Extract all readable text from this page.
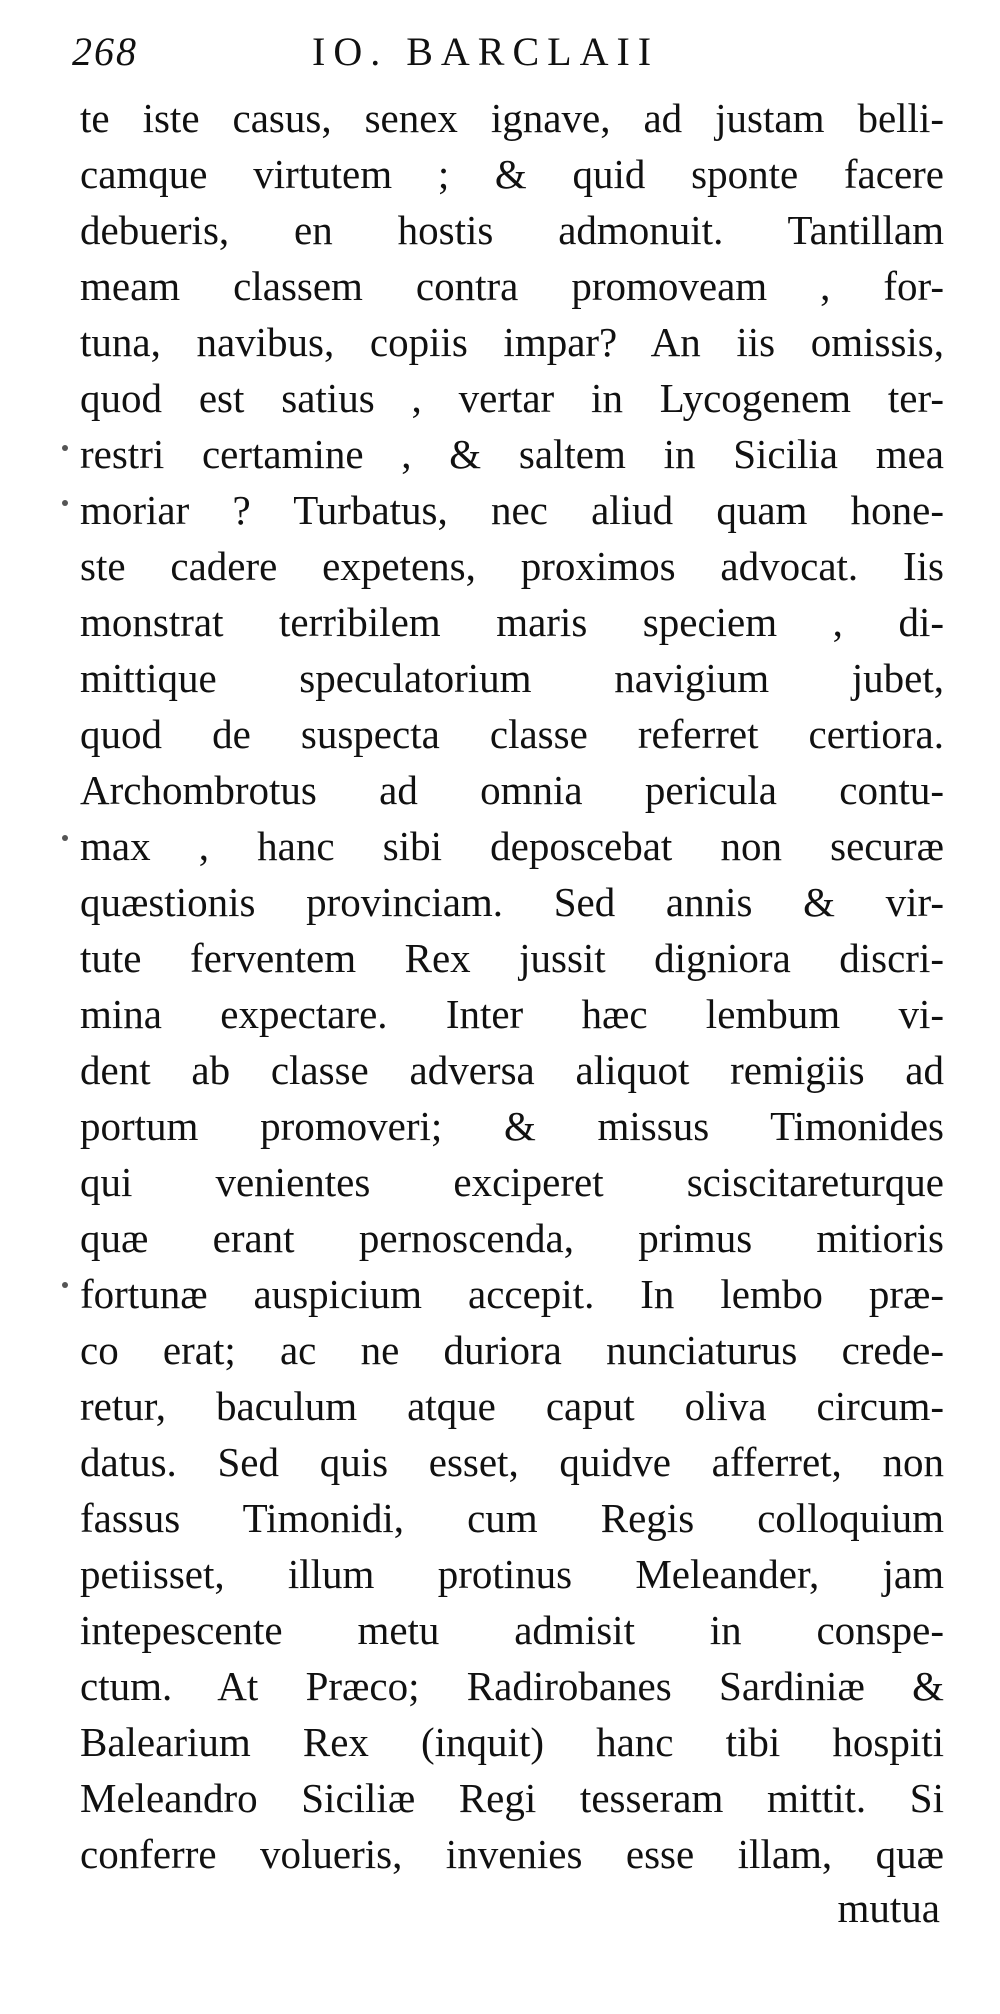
268	IO. BARCLAII
te iste casus, senex ignave, ad justam belli-
camque virtutem ; & quid sponte facere
debueris, en hostis admonuit. Tantillam
meam classem contra promoveam , for-
tuna, navibus, copiis impar? An iis omissis,
quod est satius , vertar in Lycogenem ter-
restri certamine , & saltem in Sicilia mea
moriar ? Turbatus, nec aliud quam hone-
ste cadere expetens, proximos advocat. Iis
monstrat terribilem maris speciem , di-
mittique speculatorium navigium jubet,
quod de suspecta classe referret certiora.
Archombrotus ad omnia pericula contu-
max , hanc sibi deposcebat non securæ
quæstionis provinciam. Sed annis & vir-
tute ferventem Rex jussit digniora discri-
mina expectare. Inter hæc lembum vi-
dent ab classe adversa aliquot remigiis ad
portum promoveri; & missus Timonides
qui venientes exciperet sciscitareturque
quæ erant pernoscenda, primus mitioris
fortunæ auspicium accepit. In lembo præ-
co erat; ac ne duriora nunciaturus crede-
retur, baculum atque caput oliva circum-
datus. Sed quis esset, quidve afferret, non
fassus Timonidi, cum Regis colloquium
petiisset, illum protinus Meleander, jam
intepescente metu admisit in conspe-
ctum. At Præco; Radirobanes Sardiniæ &
Balearium Rex (inquit) hanc tibi hospiti
Meleandro Siciliæ Regi tesseram mittit. Si
conferre volueris, invenies esse illam, quæ
mutua
